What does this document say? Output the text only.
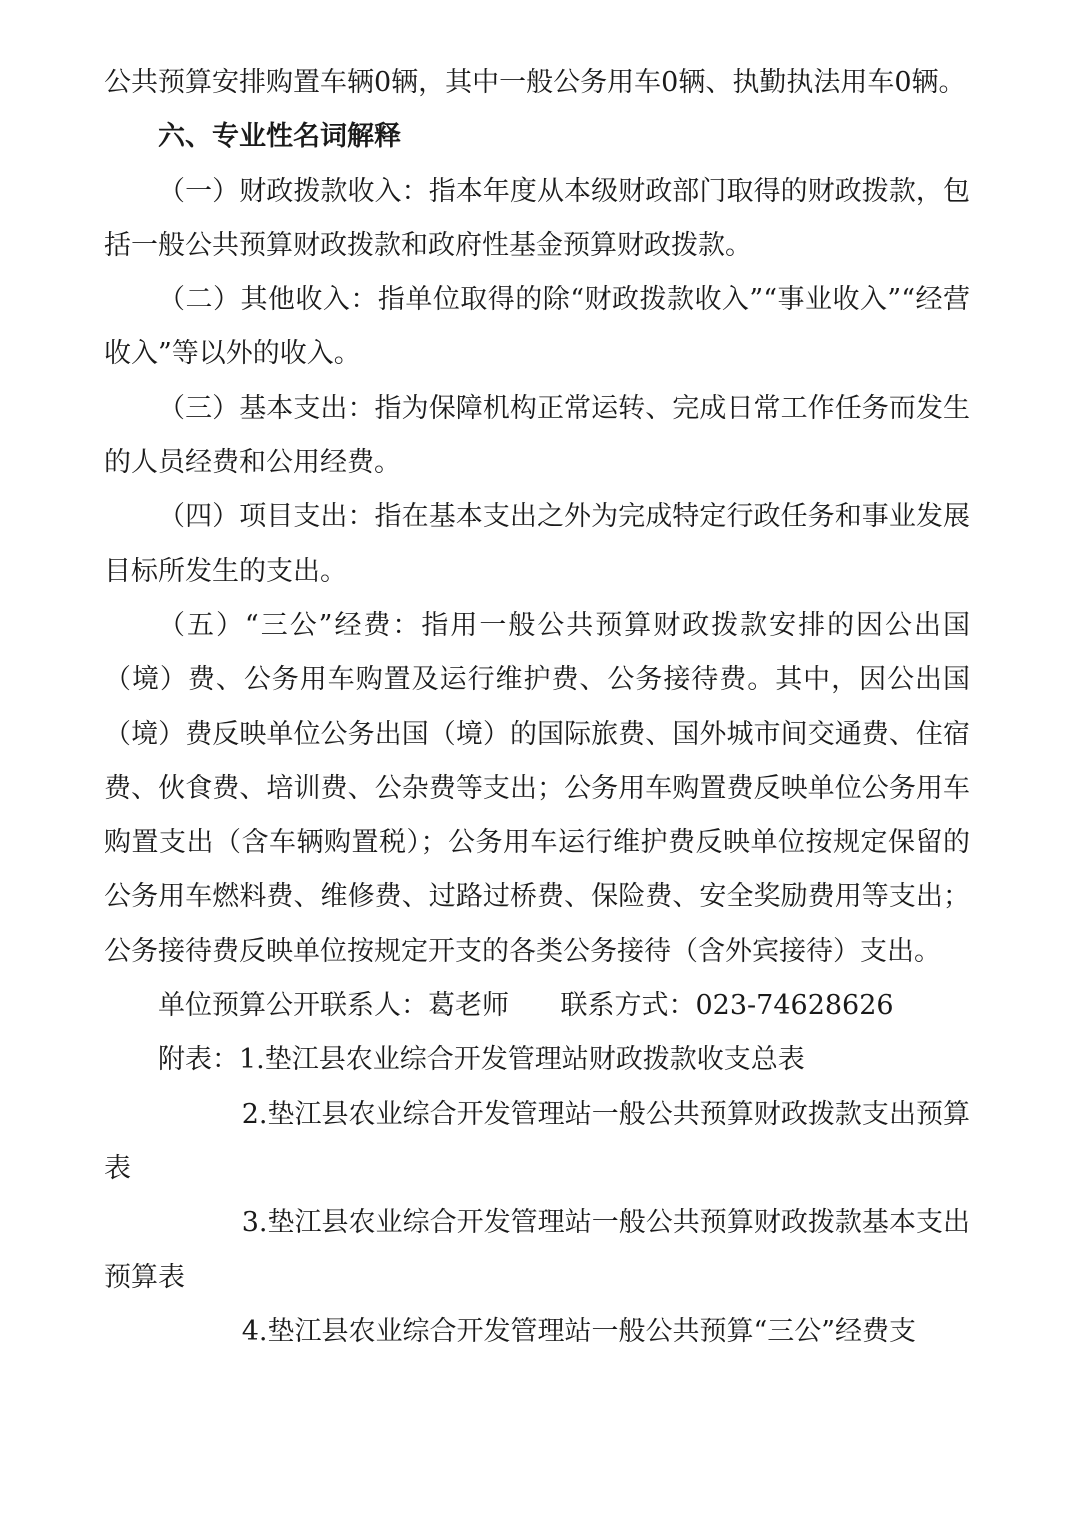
公共预算安排购置车辆0辆，其中一般公务用车0辆、执勤执法用车0辆。

六、专业性名词解释

（一）财政拨款收入：指本年度从本级财政部门取得的财政拨款，包括一般公共预算财政拨款和政府性基金预算财政拨款。

（二）其他收入：指单位取得的除“财政拨款收入”“事业收入”“经营收入”等以外的收入。

（三）基本支出：指为保障机构正常运转、完成日常工作任务而发生的人员经费和公用经费。

（四）项目支出：指在基本支出之外为完成特定行政任务和事业发展目标所发生的支出。

（五）“三公”经费：指用一般公共预算财政拨款安排的因公出国（境）费、公务用车购置及运行维护费、公务接待费。其中，因公出国（境）费反映单位公务出国（境）的国际旅费、国外城市间交通费、住宿费、伙食费、培训费、公杂费等支出；公务用车购置费反映单位公务用车购置支出（含车辆购置税）；公务用车运行维护费反映单位按规定保留的公务用车燃料费、维修费、过路过桥费、保险费、安全奖励费用等支出；公务接待费反映单位按规定开支的各类公务接待（含外宾接待）支出。

单位预算公开联系人：葛老师 联系方式：023-74628626

附表：1.垫江县农业综合开发管理站财政拨款收支总表

2.垫江县农业综合开发管理站一般公共预算财政拨款支出预算表

3.垫江县农业综合开发管理站一般公共预算财政拨款基本支出预算表

4.垫江县农业综合开发管理站一般公共预算“三公”经费支
